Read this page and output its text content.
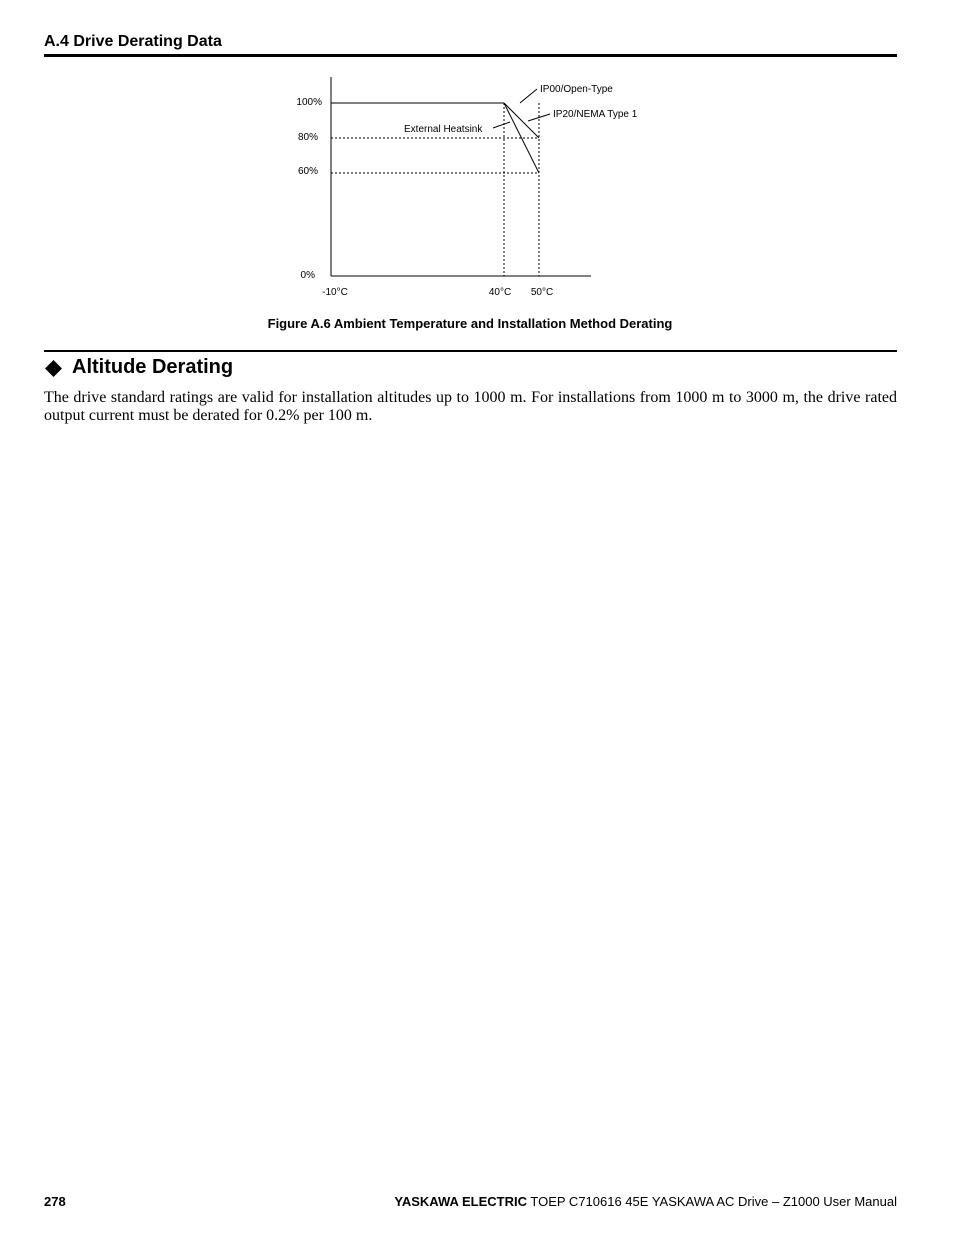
A.4 Drive Derating Data
100%
80%
60%
0%
-10°C	40°C 50°C
IP00/Open-Type
IP20/NEMA Type 1
External Heatsink
Figure A.6 Ambient Temperature and Installation Method Derating
Altitude Derating
The drive standard ratings are valid for installation altitudes up to 1000 m. For installations from 1000 m to 3000 m, the drive rated output current must be derated for 0.2% per 100 m.
278	YASKAWA ELECTRIC TOEP C710616 45E YASKAWA AC Drive – Z1000 User Manual
